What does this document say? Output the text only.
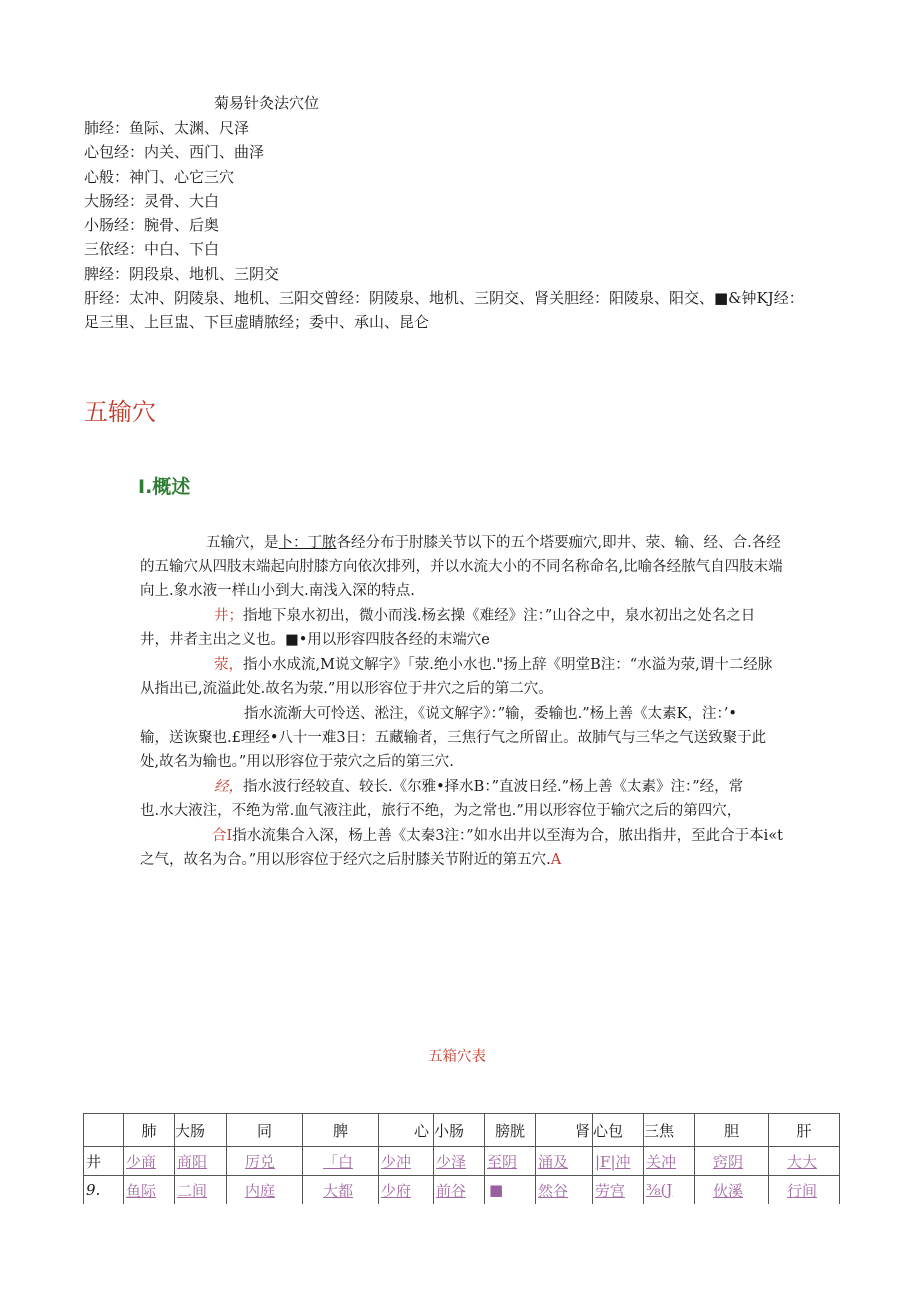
菊易针灸法穴位
肺经：鱼际、太渊、尺泽
心包经：内关、西门、曲泽
心般：神门、心它三穴
大肠经：灵骨、大白
小肠经：腕骨、后奥
三依经：中白、下白
脾经：阴段泉、地机、三阴交
肝经：太冲、阴陵泉、地机、三阳交曾经：阴陵泉、地机、三阴交、肾关胆经：阳陵泉、阳交、■&钟KJ经：
足三里、上巨盅、下巨虚睛脓经；委中、承山、昆仑
五输穴
I.概述
五输穴，是卜：丁脓各经分布于肘膝关节以下的五个塔要痂穴,即井、荥、输、经、合.各经
的五输穴从四肢末端起向肘膝方向依次排列，并以水流大小的不同名称命名,比喻各经脓气自四肢末端
向上.象水液一样山小到大.南浅入深的特点.
井；指地下泉水初出，微小而浅.杨玄操《难经》注：”山谷之中，泉水初出之处名之日
井，井者主出之义也。■•用以形容四肢各经的末端穴e
荥，指小水成流,M说文解字》「荥.绝小水也."扬上辞《明堂B注：“水溢为荥,谓十二经脉
从指出已,流溢此处.故名为荥.”用以形容位于井穴之后的第二穴。
指水流渐大可怜送、淞注，《说文解字》：”输，委输也.”杨上善《太素K，注：’•
输，送诙聚也.£理经•八十一难3日：五藏输者，三焦行气之所留止。故肺气与三华之气送致聚于此
处,故名为输也。”用以形容位于荥穴之后的第三穴.
经，指水波行经较直、较长.《尔雅•择水B：”直波日经.”杨上善《太素》注：”经，常
也.水大液注，不绝为常.血气液注此，旅行不绝，为之常也.”用以形容位于输穴之后的第四穴，
合I指水流集合入深，杨上善《太秦3注：”如水出井以至海为合，脓出指井，至此合于本i«t
之气，故名为合。”用以形容位于经穴之后肘膝关节附近的第五穴.A
五箱穴表
	肺	大肠	同	脾	心	小肠	膀胱	肾	心包	三焦	胆	肝
井	少商	商阳	厉兑	「白	少冲	少泽	至阴	涌及	|F|冲	关冲	窍阴	大大
9.	鱼际	二间	内庭	大都	少府	前谷	■	然谷	劳宫	⅜(J	伙溪	行间
